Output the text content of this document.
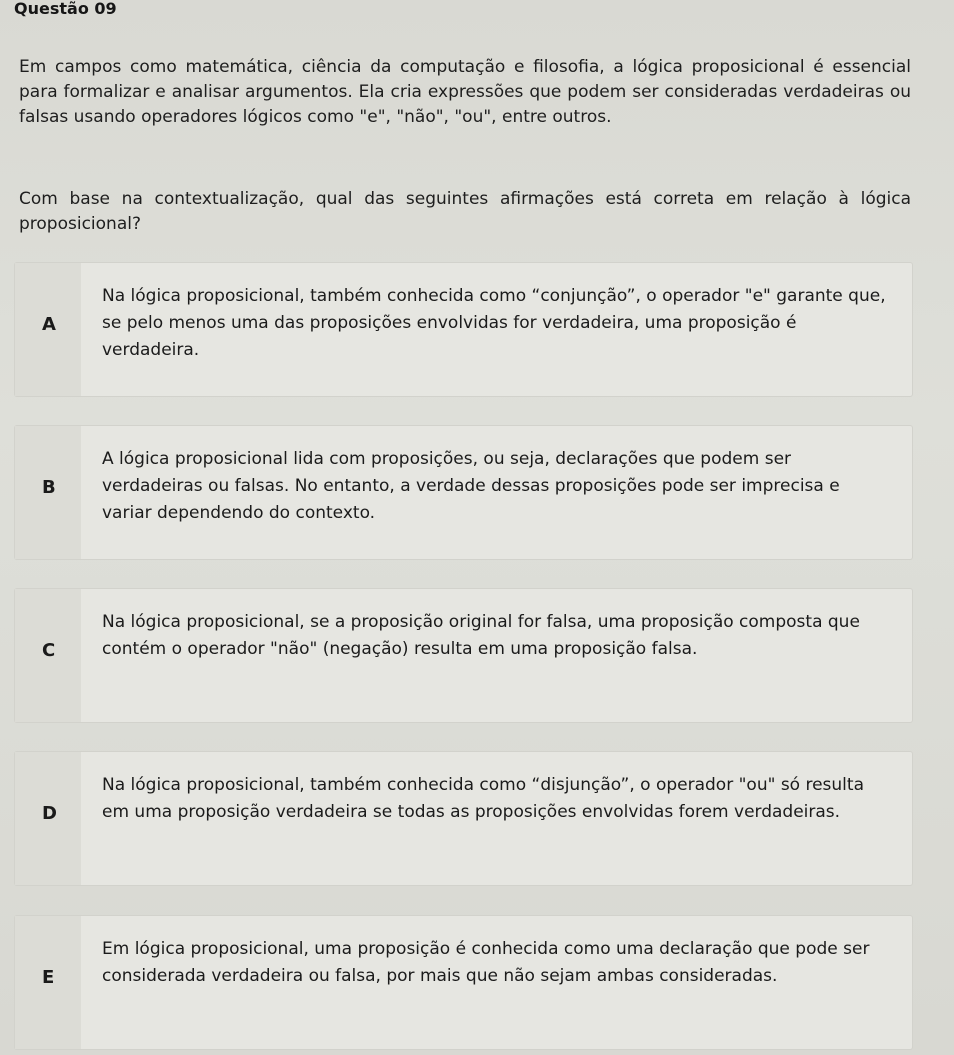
Questão 09
Em campos como matemática, ciência da computação e filosofia, a lógica proposicional é essencial para formalizar e analisar argumentos. Ela cria expressões que podem ser consideradas verdadeiras ou falsas usando operadores lógicos como "e", "não", "ou", entre outros.
Com base na contextualização, qual das seguintes afirmações está correta em relação à lógica proposicional?
A
Na lógica proposicional, também conhecida como “conjunção”, o operador "e" garante que, se pelo menos uma das proposições envolvidas for verdadeira, uma proposição é verdadeira.
B
A lógica proposicional lida com proposições, ou seja, declarações que podem ser verdadeiras ou falsas. No entanto, a verdade dessas proposições pode ser imprecisa e variar dependendo do contexto.
C
Na lógica proposicional, se a proposição original for falsa, uma proposição composta que contém o operador "não" (negação) resulta em uma proposição falsa.
D
Na lógica proposicional, também conhecida como “disjunção”, o operador "ou" só resulta em uma proposição verdadeira se todas as proposições envolvidas forem verdadeiras.
E
Em lógica proposicional, uma proposição é conhecida como uma declaração que pode ser considerada verdadeira ou falsa, por mais que não sejam ambas consideradas.
